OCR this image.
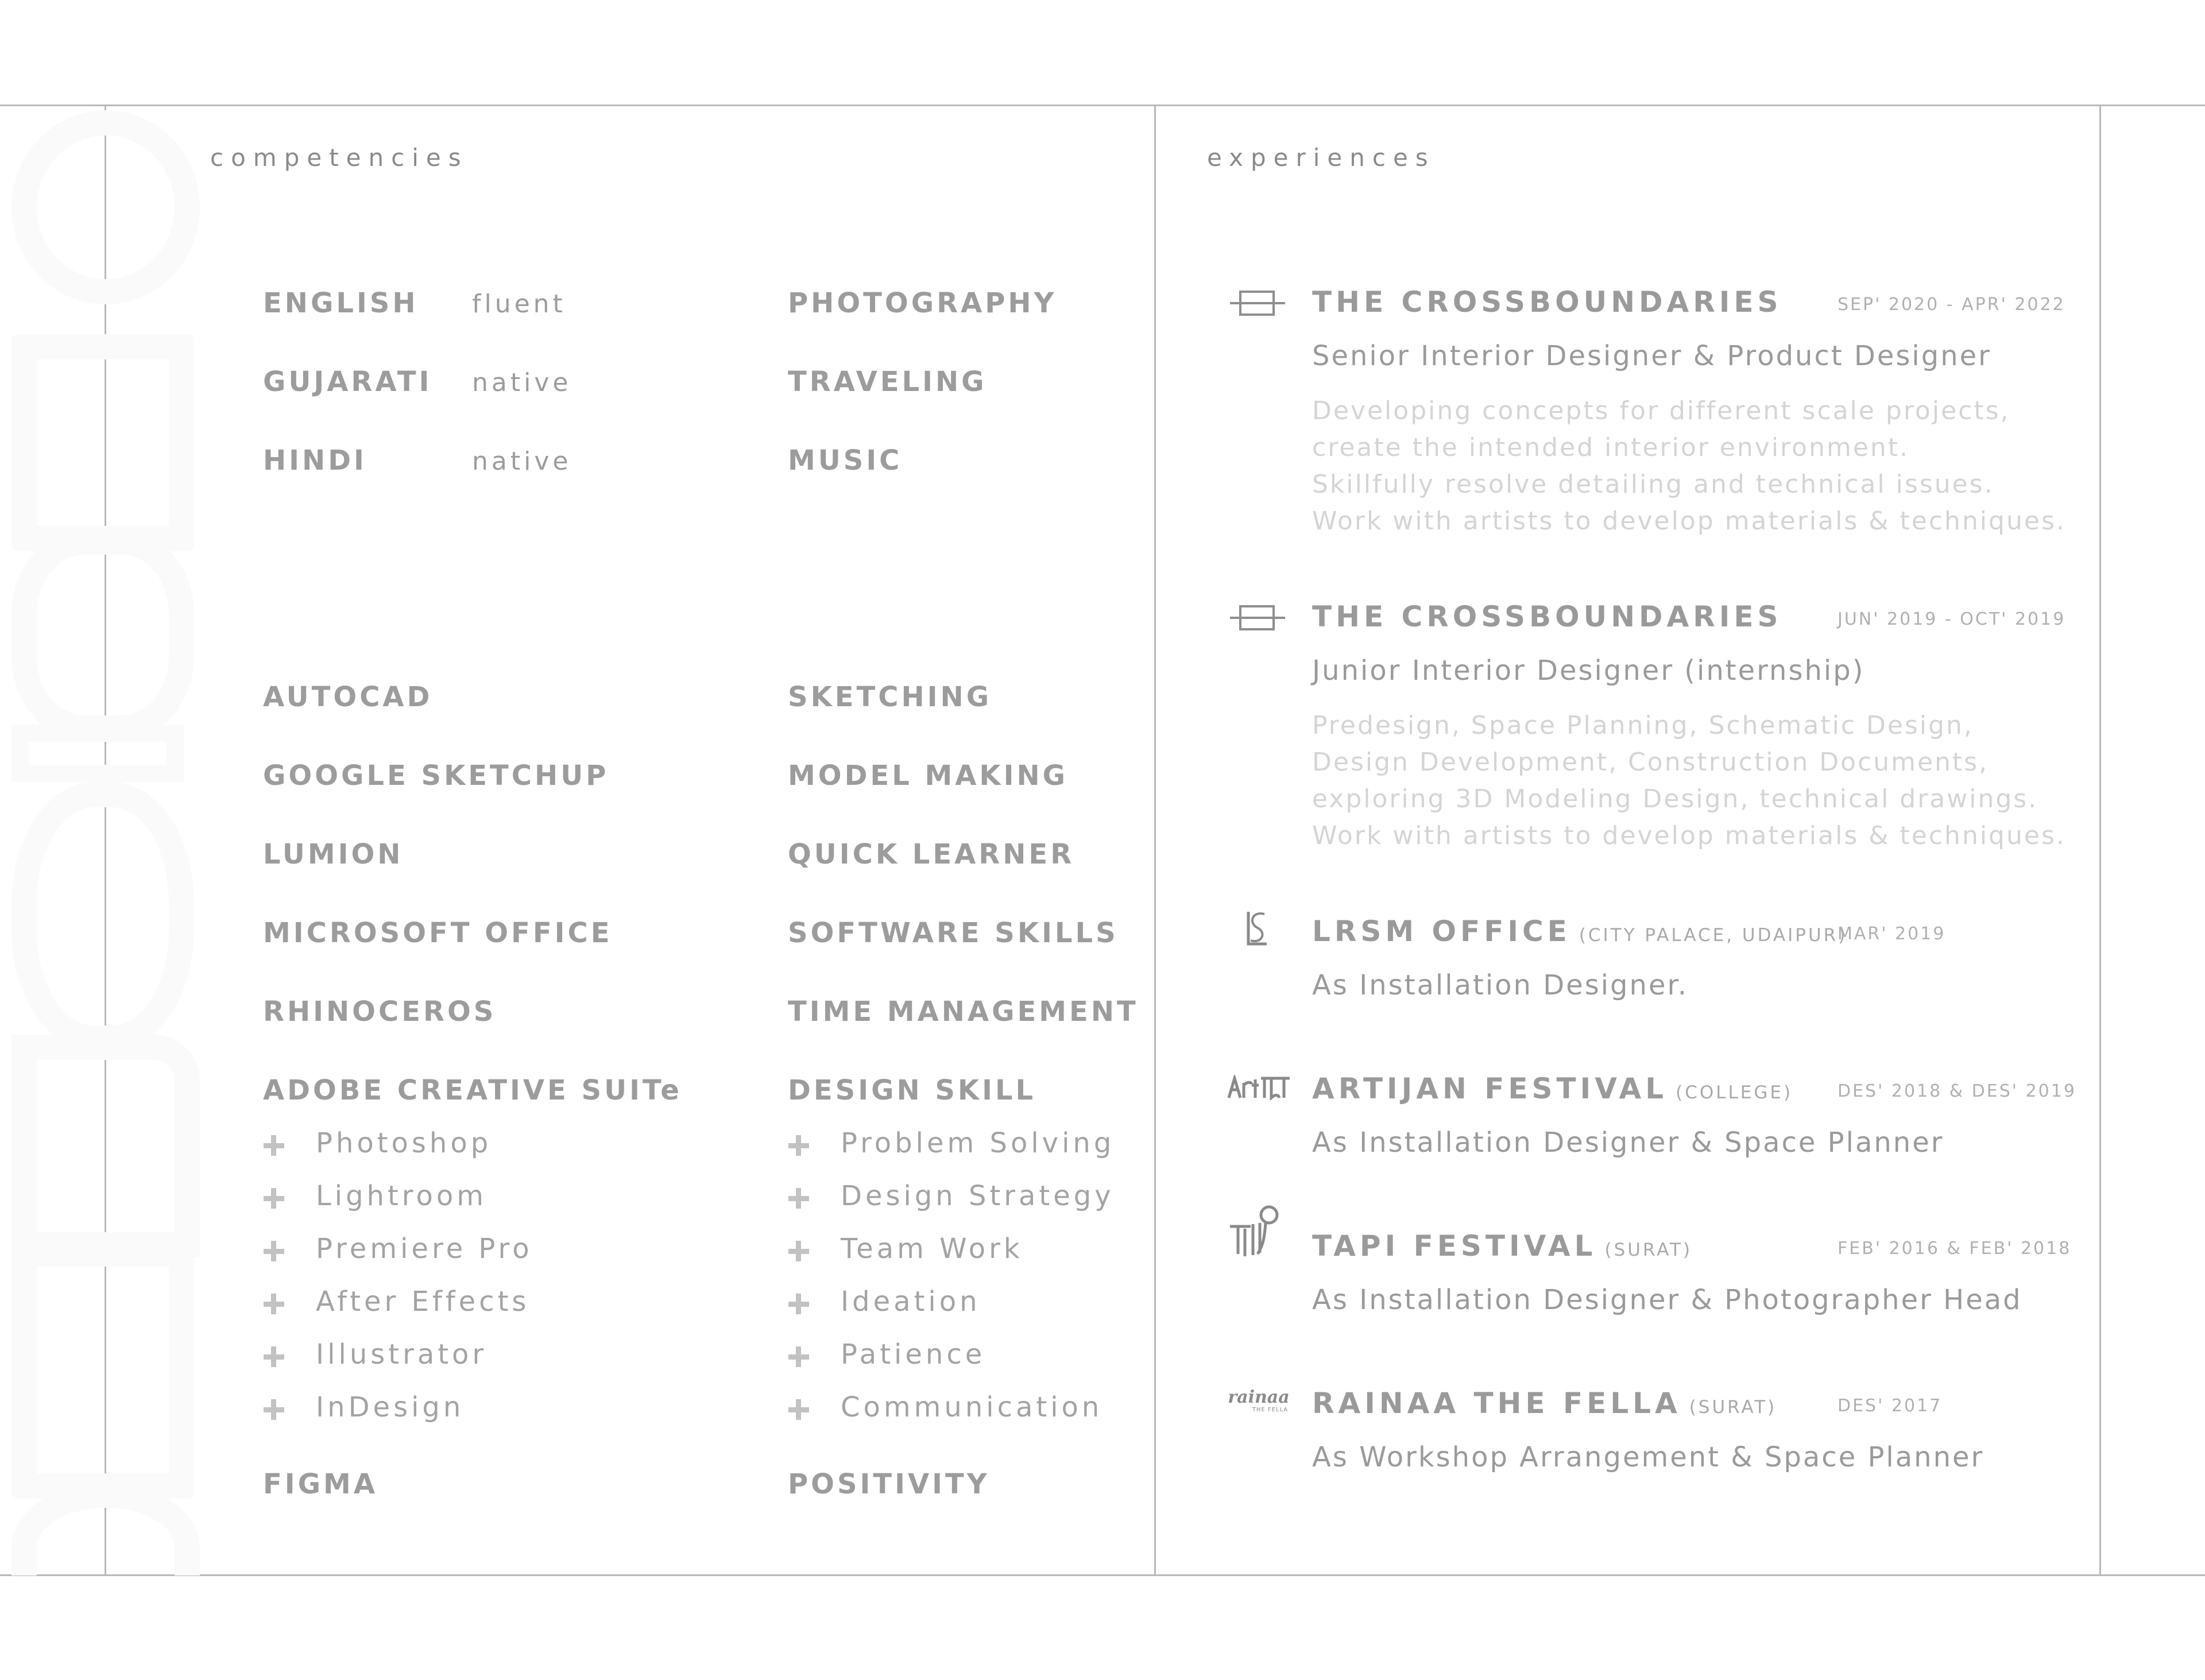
competencies	experiences
ENGLISH fluent
GUJARATI native
HINDI	native
PHOTOGRAPHY
TRAVELING
MUSIC
AUTOCAD
GOOGLE SKETCHUP
LUMION
MICROSOFT OFFICE
RHINOCEROS
ADOBE CREATIVE SUITe
Photoshop
Lightroom
Premiere Pro
After Effects
Illustrator
InDesign
FIGMA
SKETCHING
MODEL MAKING
QUICK LEARNER
SOFTWARE SKILLS
TIME MANAGEMENT
DESIGN SKILL
Problem Solving
Design Strategy
Team Work
Ideation
Patience
Communication
POSITIVITY
THE CROSSBOUNDARIES	SEP' 2020 - APR' 2022
Senior Interior Designer & Product Designer
Developing concepts for different scale projects,
create the intended interior environment.
Skillfully resolve detailing and technical issues.
Work with artists to develop materials & techniques.
THE CROSSBOUNDARIES	JUN' 2019 - OCT' 2019
Junior Interior Designer (internship)
Predesign, Space Planning, Schematic Design,
Design Development, Construction Documents,
exploring 3D Modeling Design, technical drawings.
Work with artists to develop materials & techniques.
LRSM OFFICE (CITY PALACE, UDAIPUR)
MAR' 2019
As Installation Designer.
ARTIJAN FESTIVAL (COLLEGE)	DES' 2018 & DES' 2019
As Installation Designer & Space Planner
TAPI FESTIVAL (SURAT)	FEB' 2016 & FEB' 2018
As Installation Designer & Photographer Head
rainaa
THE FELLA RAINAA THE FELLA (SURAT)	DES' 2017
As Workshop Arrangement & Space Planner
